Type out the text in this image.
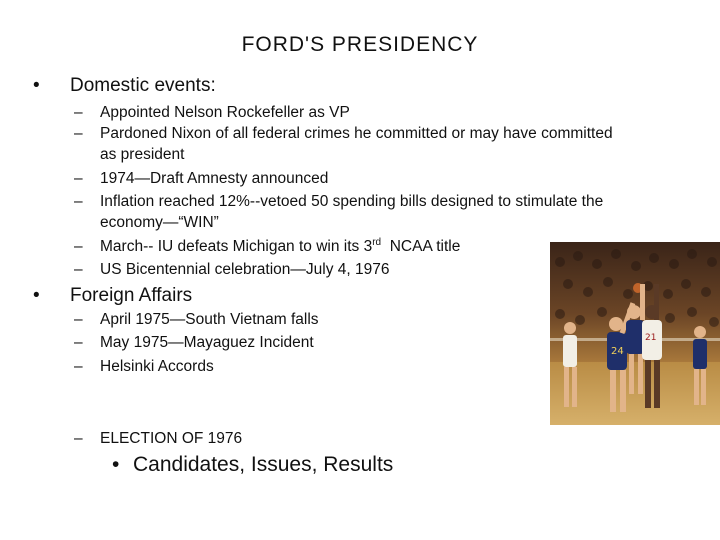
FORD'S PRESIDENCY
• Domestic events:
– Appointed Nelson Rockefeller as VP
– Pardoned Nixon of all federal crimes he committed or may have committed
as president
– 1974—Draft Amnesty announced
– Inflation reached 12%--vetoed 50 spending bills designed to stimulate the
economy—“WIN”
– March-- IU defeats Michigan to win its 3rd  NCAA title
– US Bicentennial celebration—July 4, 1976
• Foreign Affairs
– April 1975—South Vietnam falls
– May 1975—Mayaguez Incident
– Helsinki Accords
– ELECTION OF 1976
• Candidates, Issues, Results
24
21
